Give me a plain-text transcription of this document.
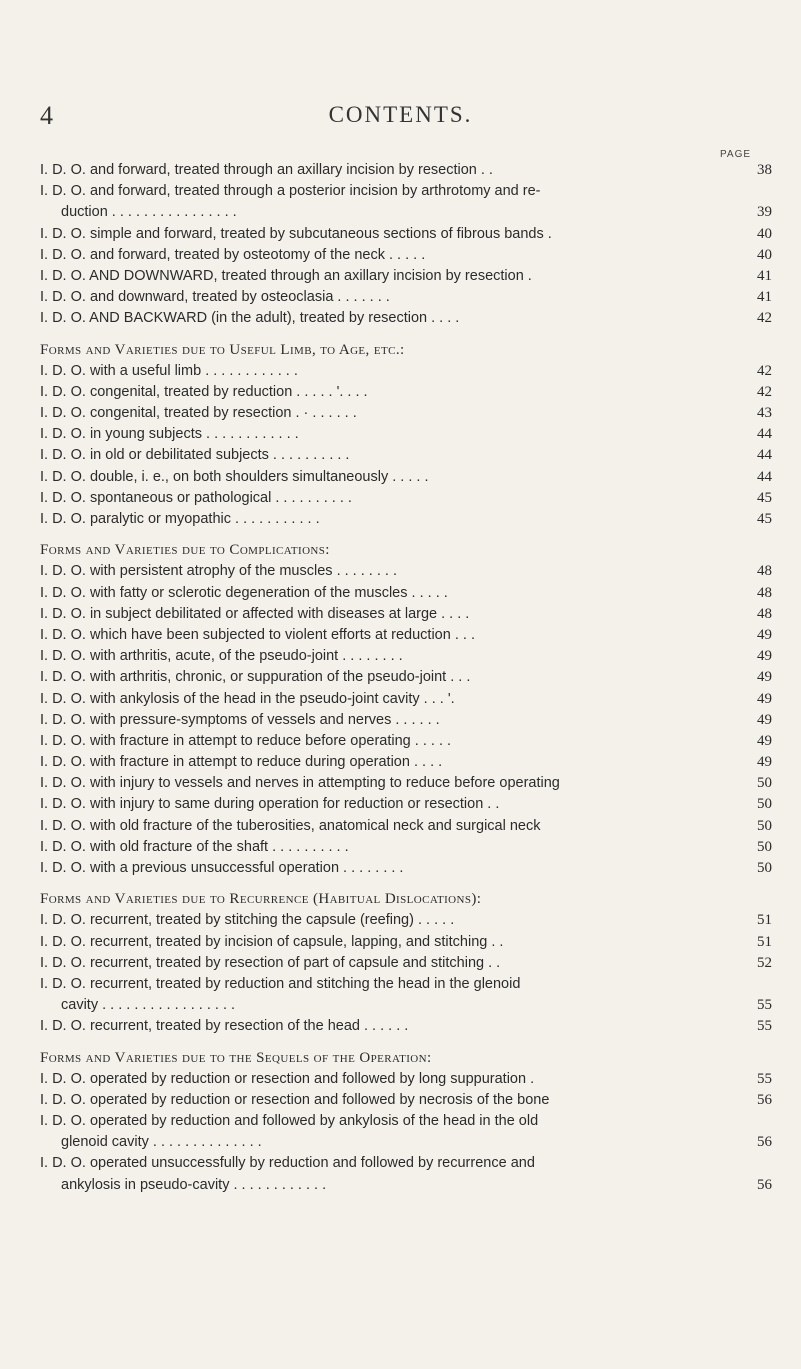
4	CONTENTS.
PAGE
I. D. O. and forward, treated through an axillary incision by resection . .	38
I. D. O. and forward, treated through a posterior incision by arthrotomy and re-
duction . . . . . . . . . . . . . . . .	39
I. D. O. simple and forward, treated by subcutaneous sections of fibrous bands .	40
I. D. O. and forward, treated by osteotomy of the neck . . . . .	40
I. D. O. AND DOWNWARD, treated through an axillary incision by resection .	41
I. D. O. and downward, treated by osteoclasia . . . . . . .	41
I. D. O. AND BACKWARD (in the adult), treated by resection . . . .	42
Forms and Varieties due to Useful Limb, to Age, etc.:
I. D. O. with a useful limb . . . . . . . . . . . .	42
I. D. O. congenital, treated by reduction . . . . . '. . . .	42
I. D. O. congenital, treated by resection . · . . . . . .	43
I. D. O. in young subjects . . . . . . . . . . . .	44
I. D. O. in old or debilitated subjects . . . . . . . . . .	44
I. D. O. double, i. e., on both shoulders simultaneously . . . . .	44
I. D. O. spontaneous or pathological . . . . . . . . . .	45
I. D. O. paralytic or myopathic . . . . . . . . . . .	45
Forms and Varieties due to Complications:
I. D. O. with persistent atrophy of the muscles . . . . . . . .	48
I. D. O. with fatty or sclerotic degeneration of the muscles . . . . .	48
I. D. O. in subject debilitated or affected with diseases at large . . . .	48
I. D. O. which have been subjected to violent efforts at reduction . . .	49
I. D. O. with arthritis, acute, of the pseudo-joint . . . . . . . .	49
I. D. O. with arthritis, chronic, or suppuration of the pseudo-joint . . .	49
I. D. O. with ankylosis of the head in the pseudo-joint cavity . . . '.	49
I. D. O. with pressure-symptoms of vessels and nerves . . . . . .	49
I. D. O. with fracture in attempt to reduce before operating . . . . .	49
I. D. O. with fracture in attempt to reduce during operation . . . .	49
I. D. O. with injury to vessels and nerves in attempting to reduce before operating	50
I. D. O. with injury to same during operation for reduction or resection . .	50
I. D. O. with old fracture of the tuberosities, anatomical neck and surgical neck	50
I. D. O. with old fracture of the shaft . . . . . . . . . .	50
I. D. O. with a previous unsuccessful operation . . . . . . . .	50
Forms and Varieties due to Recurrence (Habitual Dislocations):
I. D. O. recurrent, treated by stitching the capsule (reefing) . . . . .	51
I. D. O. recurrent, treated by incision of capsule, lapping, and stitching . .	51
I. D. O. recurrent, treated by resection of part of capsule and stitching . .	52
I. D. O. recurrent, treated by reduction and stitching the head in the glenoid
cavity . . . . . . . . . . . . . . . . .	55
I. D. O. recurrent, treated by resection of the head . . . . . .	55
Forms and Varieties due to the Sequels of the Operation:
I. D. O. operated by reduction or resection and followed by long suppuration .	55
I. D. O. operated by reduction or resection and followed by necrosis of the bone	56
I. D. O. operated by reduction and followed by ankylosis of the head in the old
glenoid cavity . . . . . . . . . . . . . .	56
I. D. O. operated unsuccessfully by reduction and followed by recurrence and
ankylosis in pseudo-cavity . . . . . . . . . . . .	56
